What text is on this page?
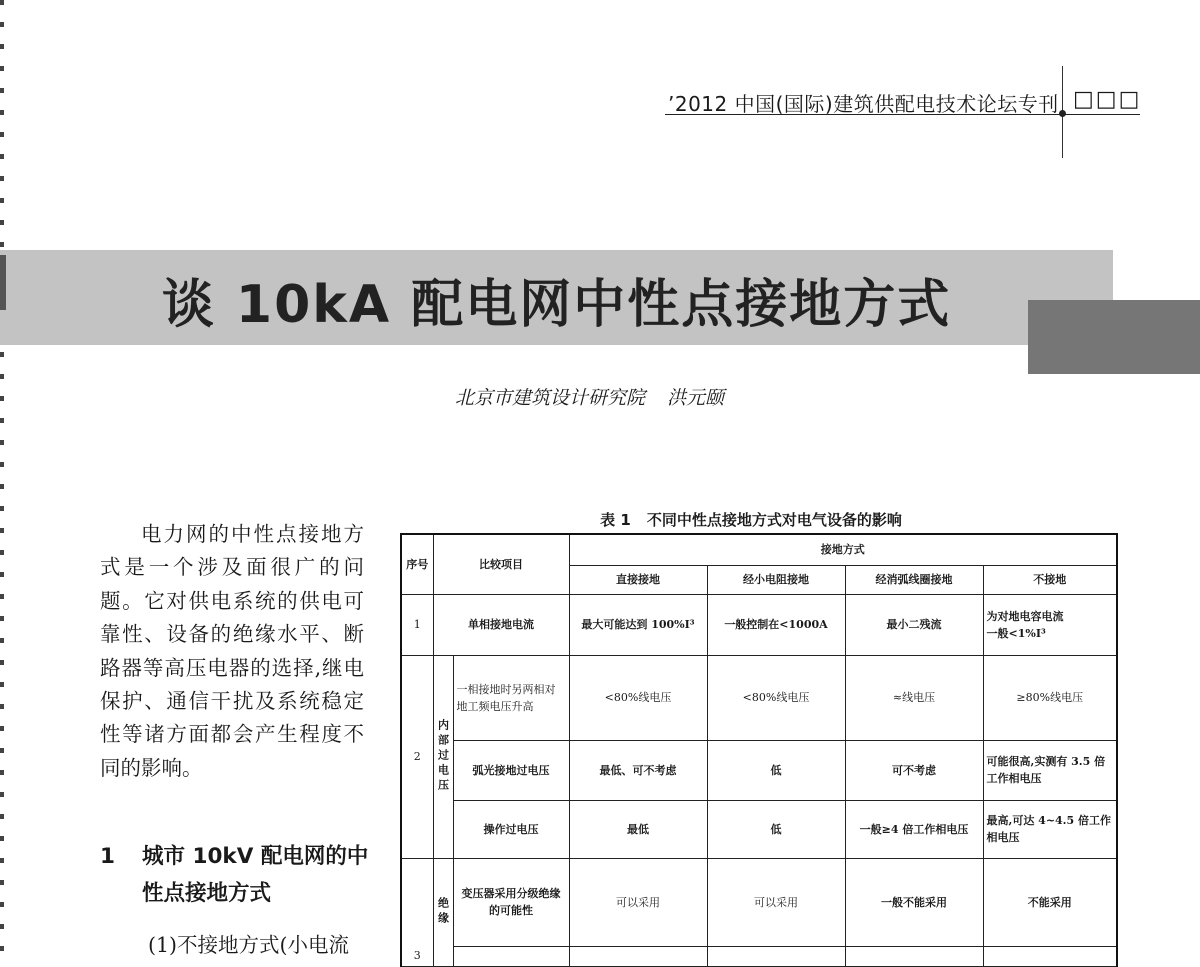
’2012 中国(国际)建筑供配电技术论坛专刊 □□□
谈 10kA 配电网中性点接地方式
北京市建筑设计研究院 洪元颐
电力网的中性点接地方式是一个涉及面很广的问题。它对供电系统的供电可靠性、设备的绝缘水平、断路器等高压电器的选择,继电保护、通信干扰及系统稳定性等诸方面都会产生程度不同的影响。
1	城市 10kV 配电网的中性点接地方式
(1)不接地方式(小电流
表 1 不同中性点接地方式对电气设备的影响
序号	比较项目		接地方式			
			直接接地	经小电阻接地	经消弧线圈接地	不接地
1	单相接地电流		最大可能达到 100%I³	一般控制在<1000A	最小二残流	为对地电容电流
一般<1%I³

2	内部过电压	一相接地时另两相对地工频电压升高	<80%线电压	<80%线电压	≈线电压	≥80%线电压
		弧光接地过电压	最低、可不考虑	低	可不考虑	可能很高,实测有 3.5 倍
工作相电压

		操作过电压	最低	低	一般≥4 倍工作相电压	最高,可达 4~4.5 倍工作
相电压

3	绝缘	变压器采用分级绝缘
的可能性	可以采用	可以采用	一般不能采用	不能采用
